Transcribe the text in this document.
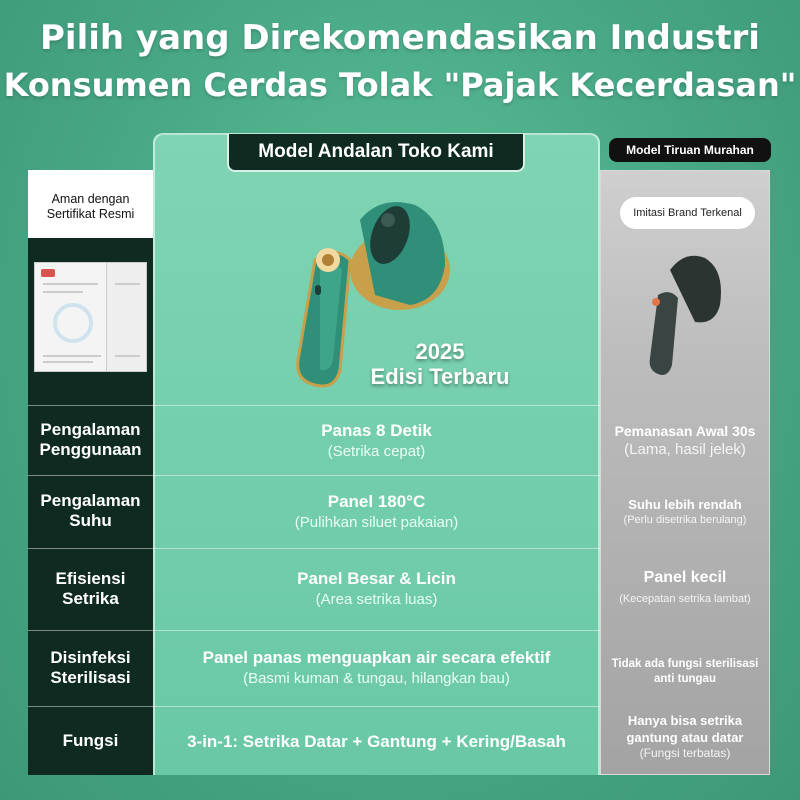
Pilih yang Direkomendasikan Industri
Konsumen Cerdas Tolak "Pajak Kecerdasan"
Aman dengan Sertifikat Resmi
Pengalaman Penggunaan
Pengalaman Suhu
Efisiensi Setrika
Disinfeksi Sterilisasi
Fungsi
Model Andalan Toko Kami
2025
Edisi Terbaru
Panas 8 Detik
(Setrika cepat)
Panel 180°C
(Pulihkan siluet pakaian)
Panel Besar & Licin
(Area setrika luas)
Panel panas menguapkan air secara efektif
(Basmi kuman & tungau, hilangkan bau)
3-in-1: Setrika Datar + Gantung + Kering/Basah
Model Tiruan Murahan
Imitasi Brand Terkenal
Pemanasan Awal 30s
(Lama, hasil jelek)
Suhu lebih rendah
(Perlu disetrika berulang)
Panel kecil
(Kecepatan setrika lambat)
Tidak ada fungsi sterilisasi anti tungau
Hanya bisa setrika gantung atau datar
(Fungsi terbatas)
